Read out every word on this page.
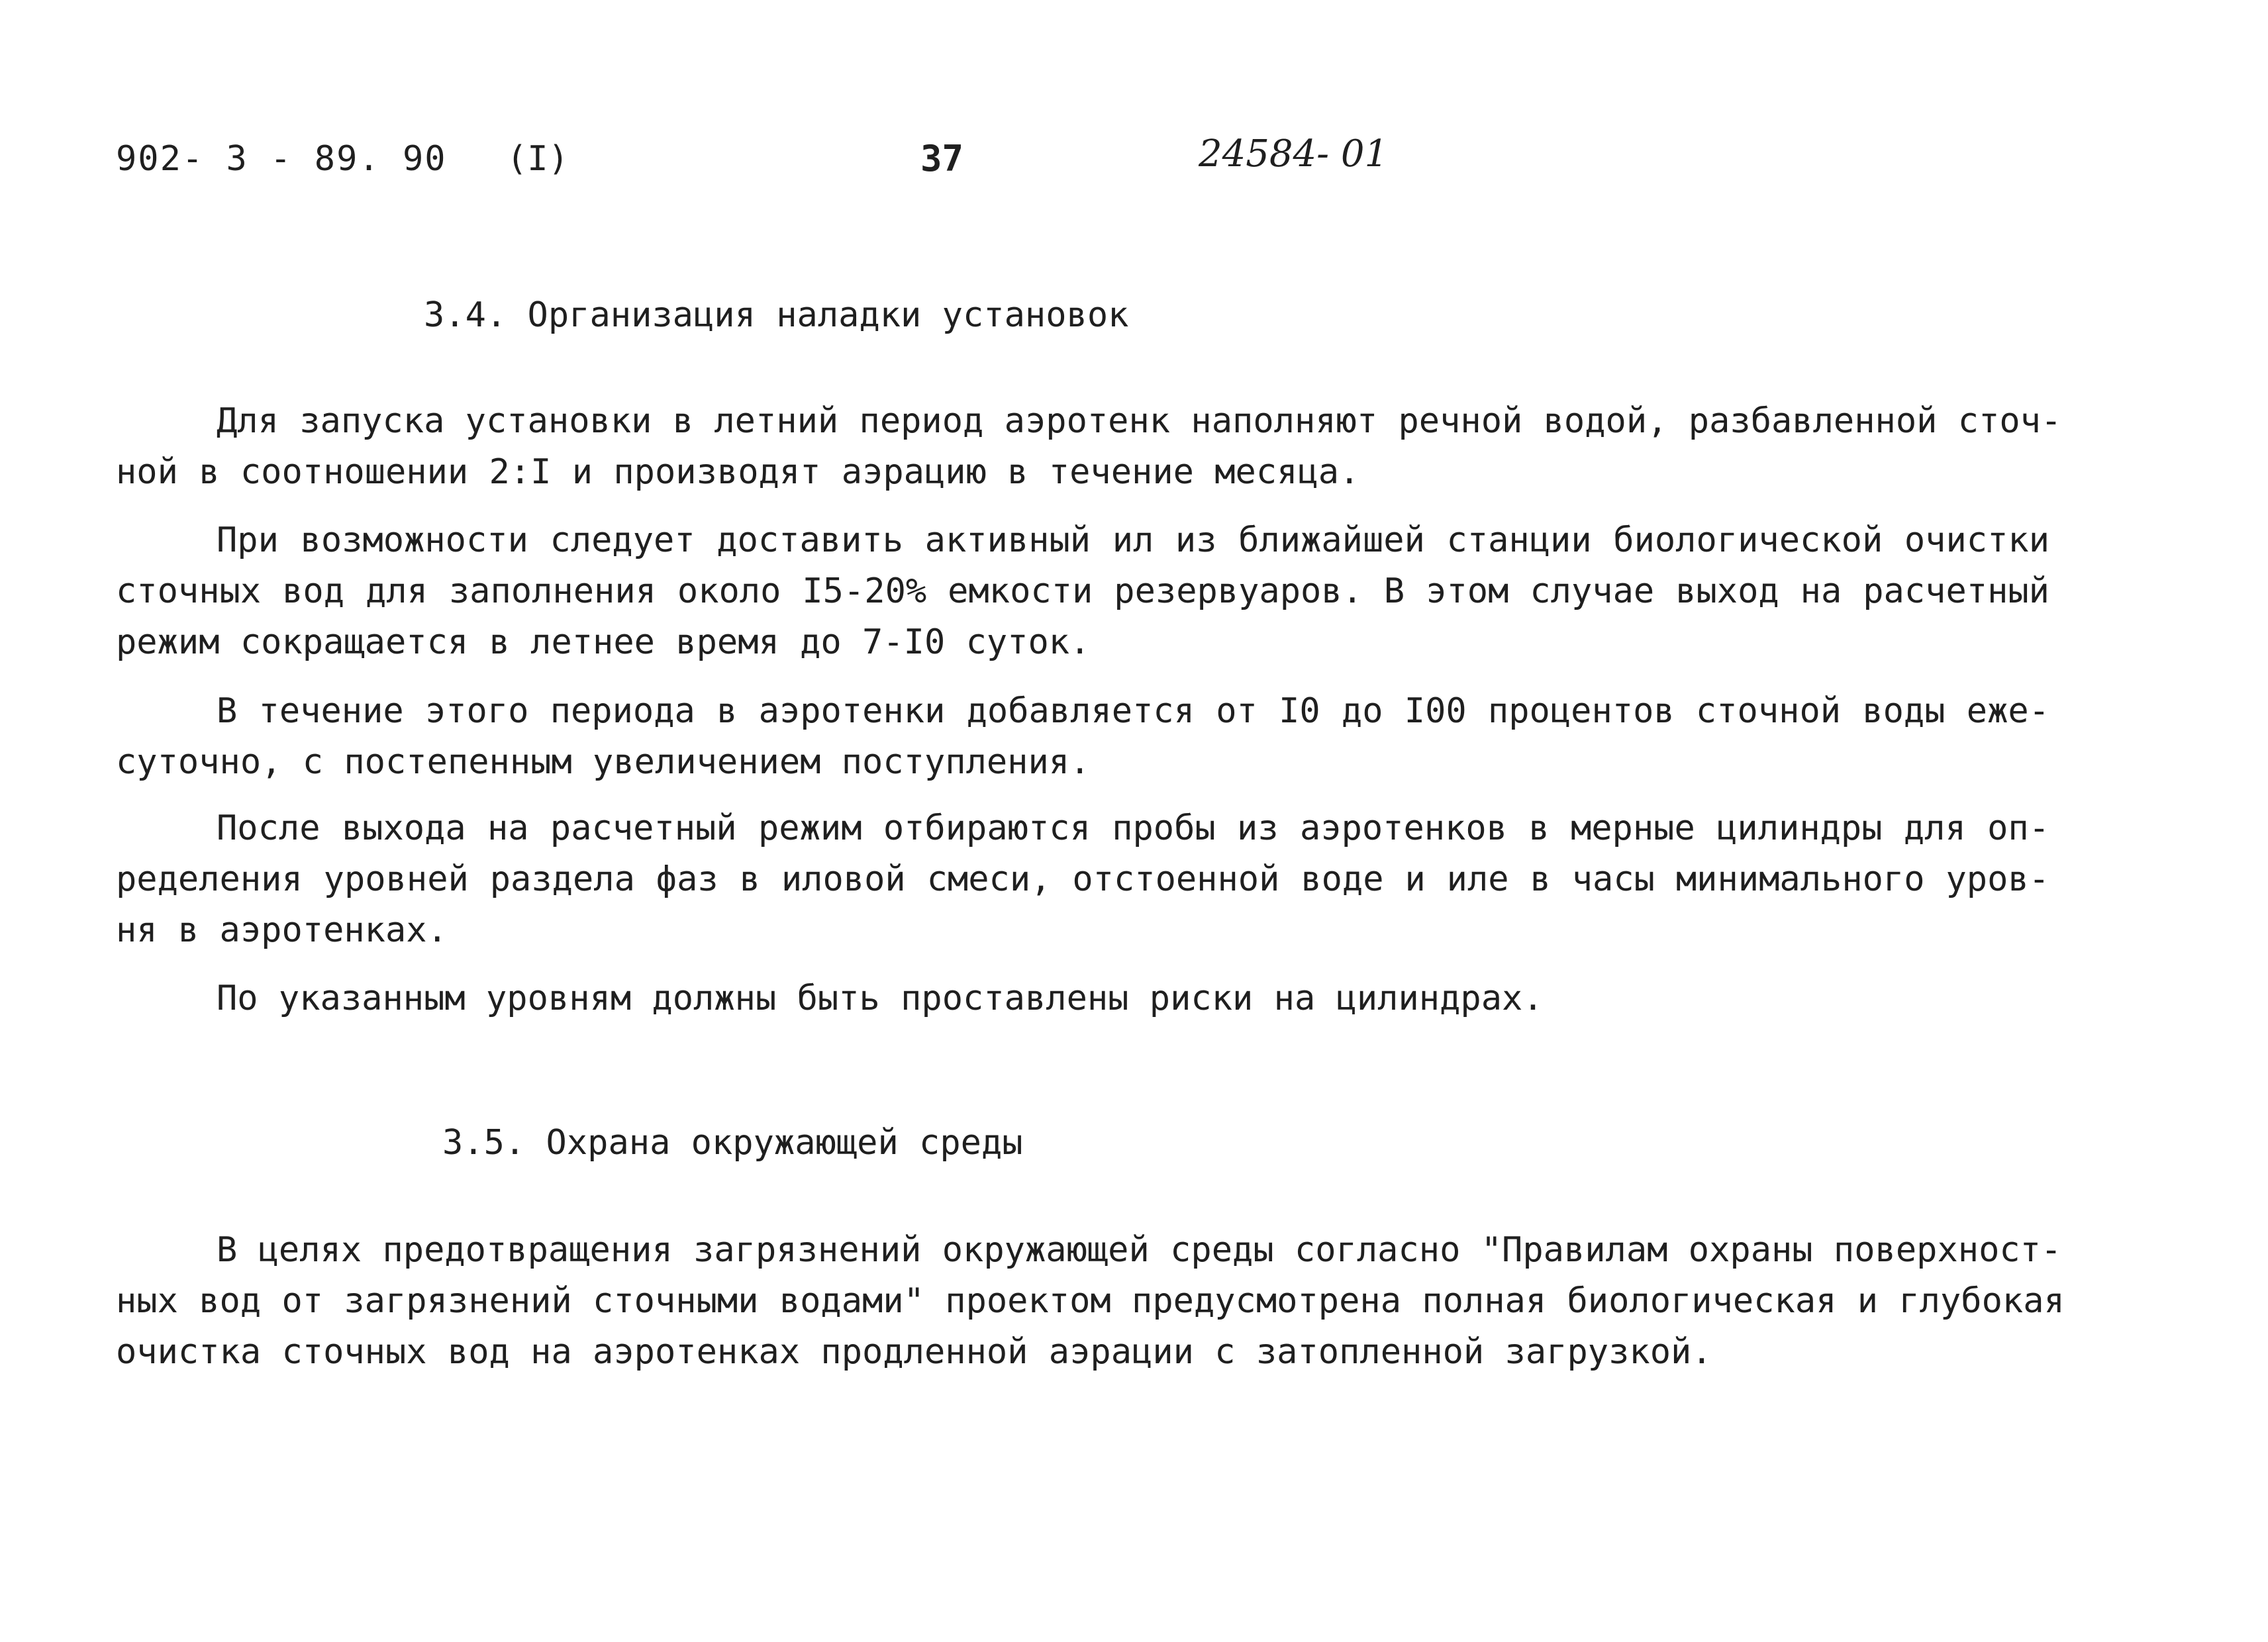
902- 3 - 89. 90 (I)	37	24584- 01
3.4. Организация наладки установок
Для запуска установки в летний период аэротенк наполняют речной водой, разбавленной сточ-
ной в соотношении 2:I и производят аэрацию в течение месяца.
При возможности следует доставить активный ил из ближайшей станции биологической очистки
сточных вод для заполнения около I5-20% емкости резервуаров. В этом случае выход на расчетный
режим сокращается в летнее время до 7-I0 суток.
В течение этого периода в аэротенки добавляется от I0 до I00 процентов сточной воды еже-
суточно, с постепенным увеличением поступления.
После выхода на расчетный режим отбираются пробы из аэротенков в мерные цилиндры для оп-
ределения уровней раздела фаз в иловой смеси, отстоенной воде и иле в часы минимального уров-
ня в аэротенках.
По указанным уровням должны быть проставлены риски на цилиндрах.
3.5. Охрана окружающей среды
В целях предотвращения загрязнений окружающей среды согласно "Правилам охраны поверхност-
ных вод от загрязнений сточными водами" проектом предусмотрена полная биологическая и глубокая
очистка сточных вод на аэротенках продленной аэрации с затопленной загрузкой.
